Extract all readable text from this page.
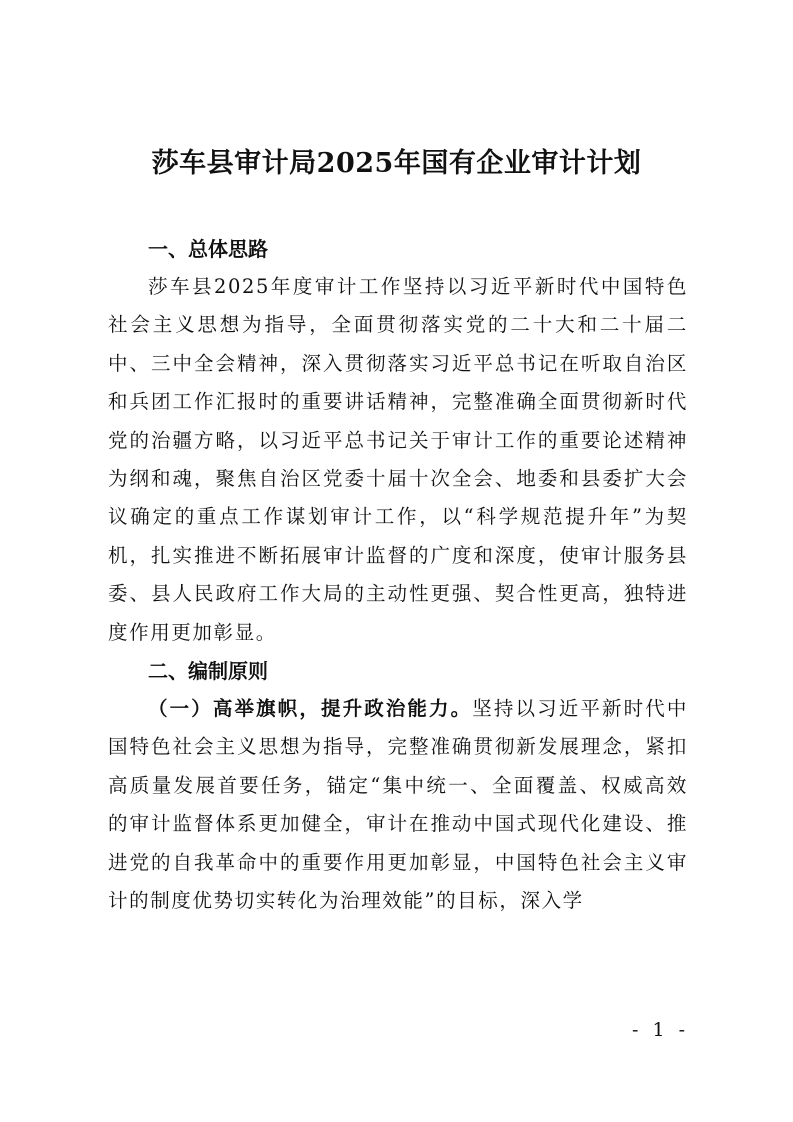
莎车县审计局2025年国有企业审计计划
一、总体思路

莎车县2025年度审计工作坚持以习近平新时代中国特色社会主义思想为指导，全面贯彻落实党的二十大和二十届二中、三中全会精神，深入贯彻落实习近平总书记在听取自治区和兵团工作汇报时的重要讲话精神，完整准确全面贯彻新时代党的治疆方略，以习近平总书记关于审计工作的重要论述精神为纲和魂，聚焦自治区党委十届十次全会、地委和县委扩大会议确定的重点工作谋划审计工作，以“科学规范提升年”为契机，扎实推进不断拓展审计监督的广度和深度，使审计服务县委、县人民政府工作大局的主动性更强、契合性更高，独特进度作用更加彰显。

二、编制原则

（一）高举旗帜，提升政治能力。坚持以习近平新时代中国特色社会主义思想为指导，完整准确贯彻新发展理念，紧扣高质量发展首要任务，锚定“集中统一、全面覆盖、权威高效的审计监督体系更加健全，审计在推动中国式现代化建设、推进党的自我革命中的重要作用更加彰显，中国特色社会主义审计的制度优势切实转化为治理效能”的目标，深入学

- 1 -
